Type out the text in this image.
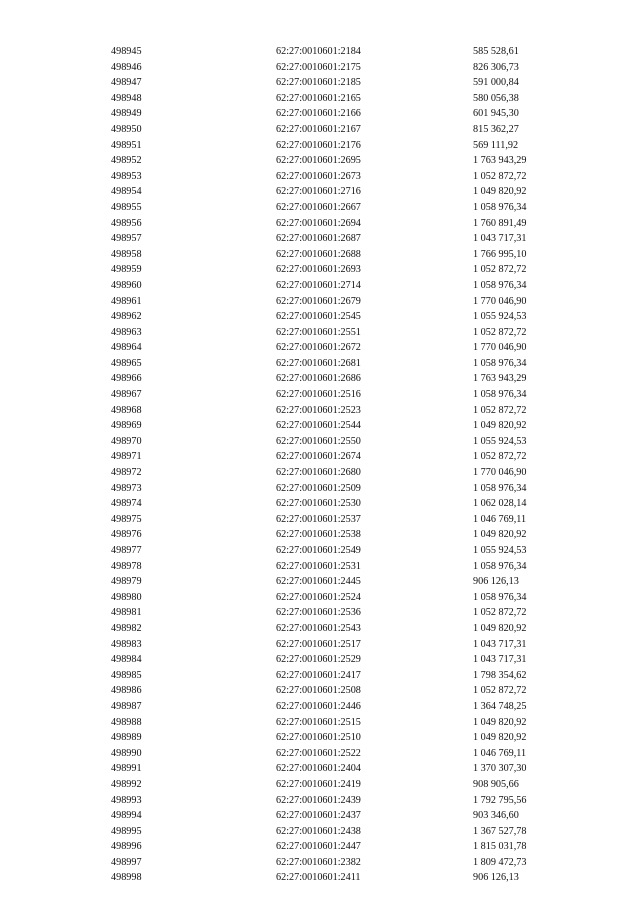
498945	62:27:0010601:2184	585 528,61
498946	62:27:0010601:2175	826 306,73
498947	62:27:0010601:2185	591 000,84
498948	62:27:0010601:2165	580 056,38
498949	62:27:0010601:2166	601 945,30
498950	62:27:0010601:2167	815 362,27
498951	62:27:0010601:2176	569 111,92
498952	62:27:0010601:2695	1 763 943,29
498953	62:27:0010601:2673	1 052 872,72
498954	62:27:0010601:2716	1 049 820,92
498955	62:27:0010601:2667	1 058 976,34
498956	62:27:0010601:2694	1 760 891,49
498957	62:27:0010601:2687	1 043 717,31
498958	62:27:0010601:2688	1 766 995,10
498959	62:27:0010601:2693	1 052 872,72
498960	62:27:0010601:2714	1 058 976,34
498961	62:27:0010601:2679	1 770 046,90
498962	62:27:0010601:2545	1 055 924,53
498963	62:27:0010601:2551	1 052 872,72
498964	62:27:0010601:2672	1 770 046,90
498965	62:27:0010601:2681	1 058 976,34
498966	62:27:0010601:2686	1 763 943,29
498967	62:27:0010601:2516	1 058 976,34
498968	62:27:0010601:2523	1 052 872,72
498969	62:27:0010601:2544	1 049 820,92
498970	62:27:0010601:2550	1 055 924,53
498971	62:27:0010601:2674	1 052 872,72
498972	62:27:0010601:2680	1 770 046,90
498973	62:27:0010601:2509	1 058 976,34
498974	62:27:0010601:2530	1 062 028,14
498975	62:27:0010601:2537	1 046 769,11
498976	62:27:0010601:2538	1 049 820,92
498977	62:27:0010601:2549	1 055 924,53
498978	62:27:0010601:2531	1 058 976,34
498979	62:27:0010601:2445	906 126,13
498980	62:27:0010601:2524	1 058 976,34
498981	62:27:0010601:2536	1 052 872,72
498982	62:27:0010601:2543	1 049 820,92
498983	62:27:0010601:2517	1 043 717,31
498984	62:27:0010601:2529	1 043 717,31
498985	62:27:0010601:2417	1 798 354,62
498986	62:27:0010601:2508	1 052 872,72
498987	62:27:0010601:2446	1 364 748,25
498988	62:27:0010601:2515	1 049 820,92
498989	62:27:0010601:2510	1 049 820,92
498990	62:27:0010601:2522	1 046 769,11
498991	62:27:0010601:2404	1 370 307,30
498992	62:27:0010601:2419	908 905,66
498993	62:27:0010601:2439	1 792 795,56
498994	62:27:0010601:2437	903 346,60
498995	62:27:0010601:2438	1 367 527,78
498996	62:27:0010601:2447	1 815 031,78
498997	62:27:0010601:2382	1 809 472,73
498998	62:27:0010601:2411	906 126,13
